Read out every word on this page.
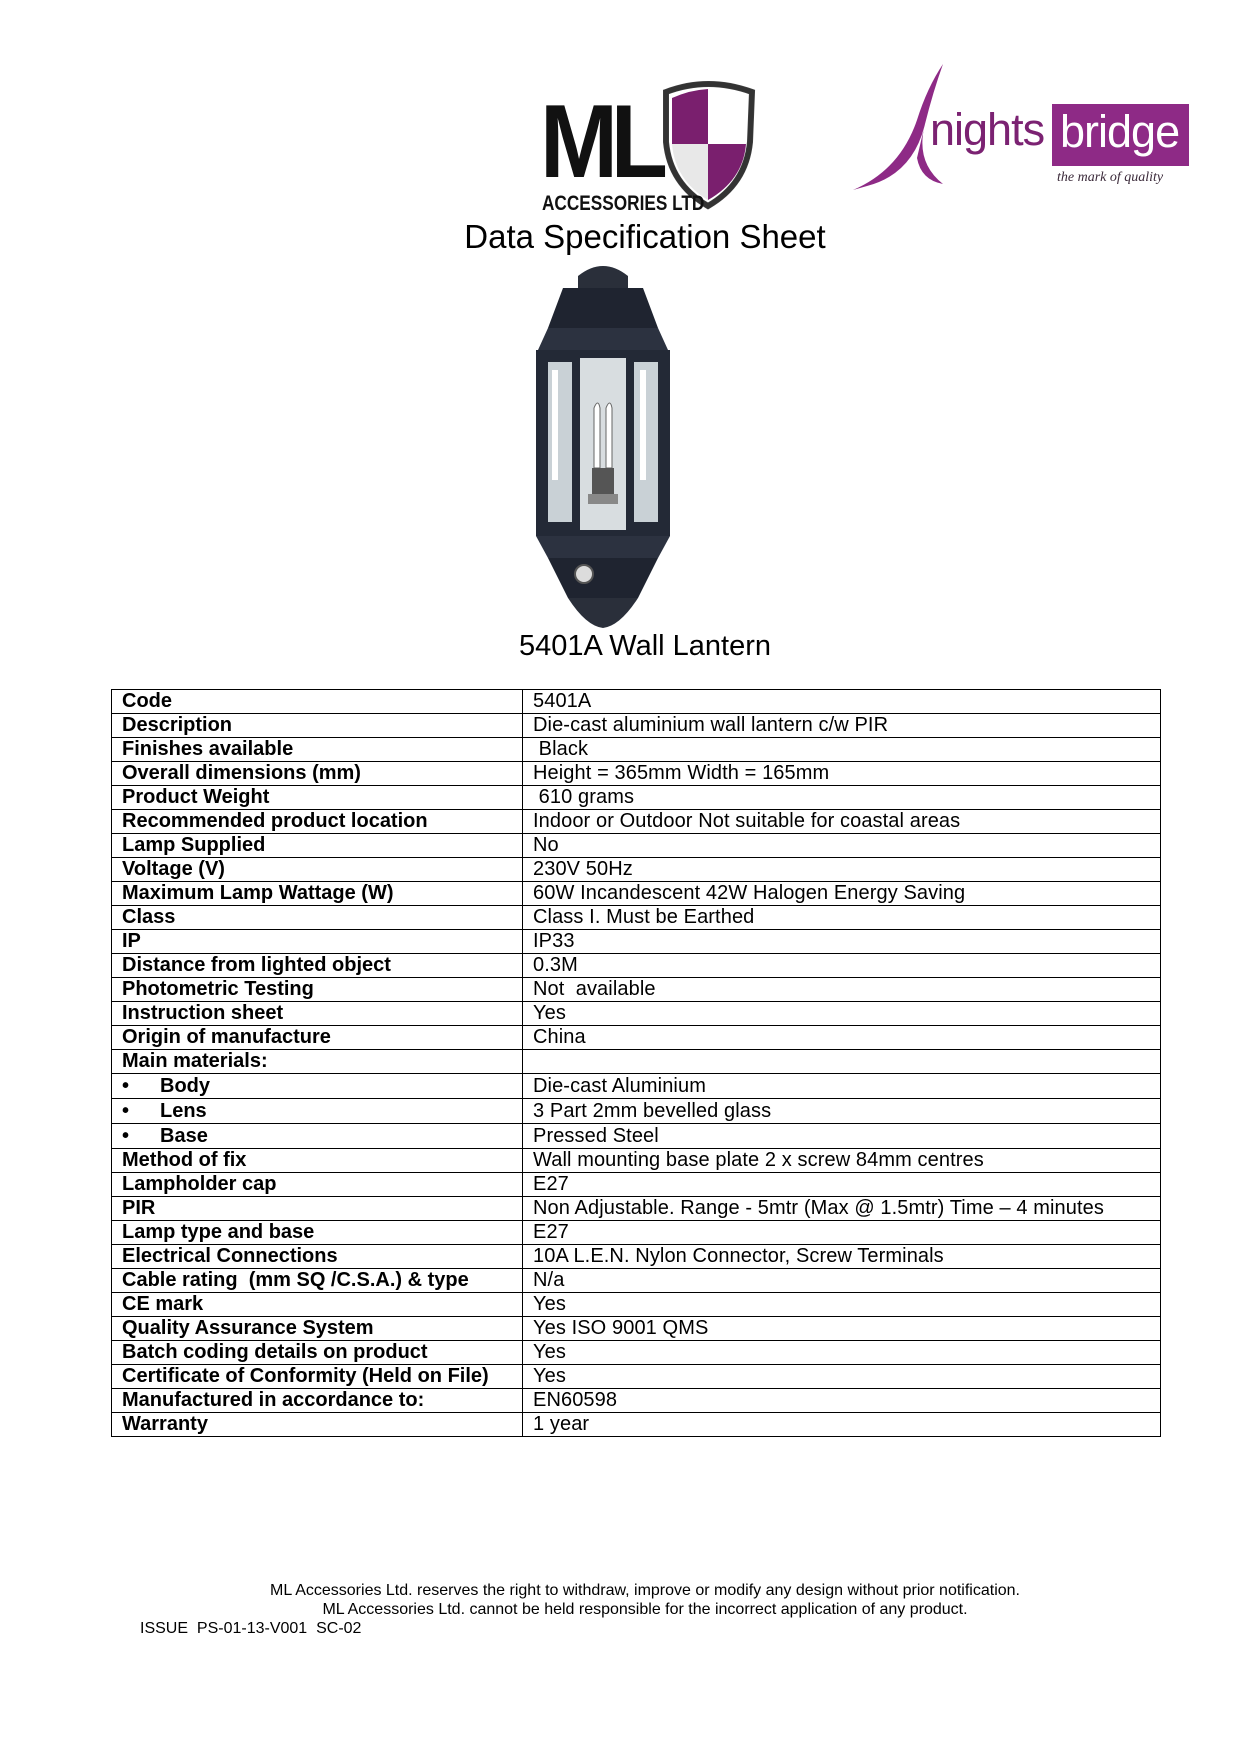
ML
ACCESSORIES LTD
nights bridge
the mark of quality
Data Specification Sheet
5401A Wall Lantern
Code	5401A
Description	Die-cast aluminium wall lantern c/w PIR
Finishes available	Black
Overall dimensions (mm)	Height = 365mm Width = 165mm
Product Weight	610 grams
Recommended product location	Indoor or Outdoor Not suitable for coastal areas
Lamp Supplied	No
Voltage (V)	230V 50Hz
Maximum Lamp Wattage (W)	60W Incandescent 42W Halogen Energy Saving
Class	Class I. Must be Earthed
IP	IP33
Distance from lighted object	0.3M
Photometric Testing	Not  available
Instruction sheet	Yes
Origin of manufacture	China
Main materials:	
• Body	Die-cast Aluminium
• Lens	3 Part 2mm bevelled glass
• Base	Pressed Steel
Method of fix	Wall mounting base plate 2 x screw 84mm centres
Lampholder cap	E27
PIR	Non Adjustable. Range - 5mtr (Max @ 1.5mtr) Time – 4 minutes
Lamp type and base	E27
Electrical Connections	10A L.E.N. Nylon Connector, Screw Terminals
Cable rating  (mm SQ /C.S.A.) & type	N/a
CE mark	Yes
Quality Assurance System	Yes ISO 9001 QMS
Batch coding details on product	Yes
Certificate of Conformity (Held on File)	Yes
Manufactured in accordance to:	EN60598
Warranty	1 year
ML Accessories Ltd. reserves the right to withdraw, improve or modify any design without prior notification.
ML Accessories Ltd. cannot be held responsible for the incorrect application of any product.
ISSUE  PS-01-13-V001  SC-02
